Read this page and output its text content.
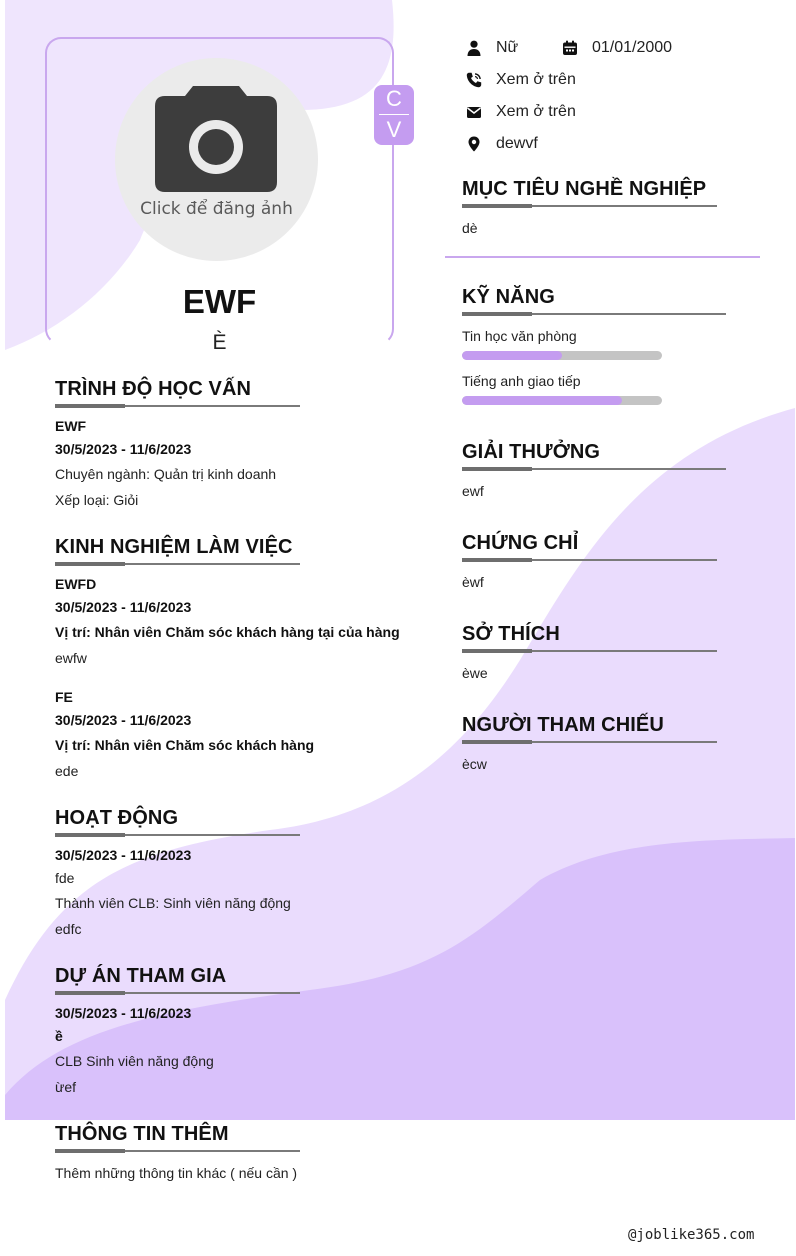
Click để đăng ảnh
C
V
EWF
È
Nữ	01/01/2000
Xem ở trên
Xem ở trên
dewvf
MỤC TIÊU NGHỀ NGHIỆP
dè
KỸ NĂNG
Tin học văn phòng
Tiếng anh giao tiếp
GIẢI THƯỞNG
ewf
CHỨNG CHỈ
èwf
SỞ THÍCH
èwe
NGƯỜI THAM CHIẾU
ècw
TRÌNH ĐỘ HỌC VẤN
EWF
30/5/2023 - 11/6/2023
Chuyên ngành: Quản trị kinh doanh
Xếp loại: Giỏi
KINH NGHIỆM LÀM VIỆC
EWFD
30/5/2023 - 11/6/2023
Vị trí: Nhân viên Chăm sóc khách hàng tại của hàng
ewfw
FE
30/5/2023 - 11/6/2023
Vị trí: Nhân viên Chăm sóc khách hàng
ede
HOẠT ĐỘNG
30/5/2023 - 11/6/2023
fde
Thành viên CLB: Sinh viên năng động
edfc
DỰ ÁN THAM GIA
30/5/2023 - 11/6/2023
ề
CLB Sinh viên năng động
ừef
THÔNG TIN THÊM
Thêm những thông tin khác ( nếu cần )
@joblike365.com
